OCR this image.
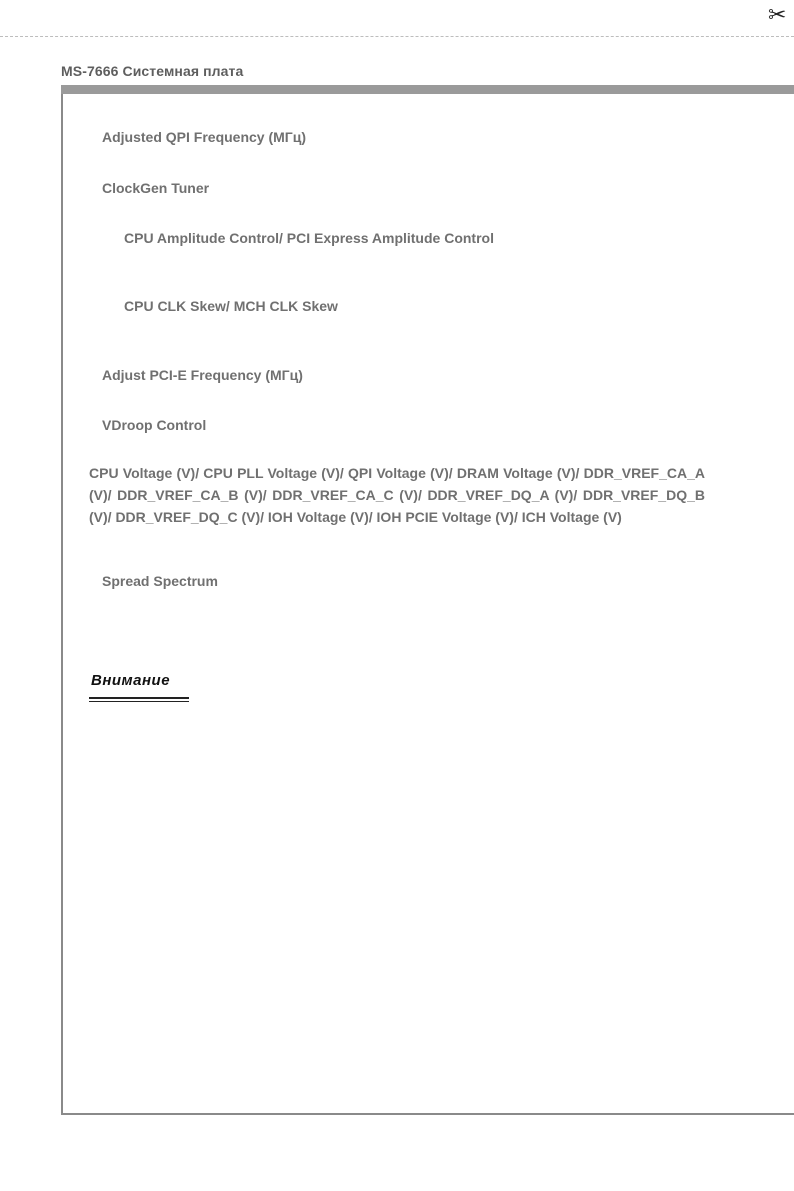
✂
MS-7666 Системная плата
Adjusted QPI Frequency (МГц)
ClockGen Tuner
CPU Amplitude Control/ PCI Express Amplitude Control
CPU CLK Skew/ MCH CLK Skew
Adjust PCI-E Frequency (МГц)
VDroop Control
CPU Voltage (V)/ CPU PLL Voltage (V)/ QPI Voltage (V)/ DRAM Voltage (V)/ DDR_VREF_CA_A (V)/ DDR_VREF_CA_B (V)/ DDR_VREF_CA_C (V)/ DDR_VREF_DQ_A (V)/ DDR_VREF_DQ_B (V)/ DDR_VREF_DQ_C (V)/ IOH Voltage (V)/ IOH PCIE Voltage (V)/ ICH Voltage (V)
Spread Spectrum
Внимание
